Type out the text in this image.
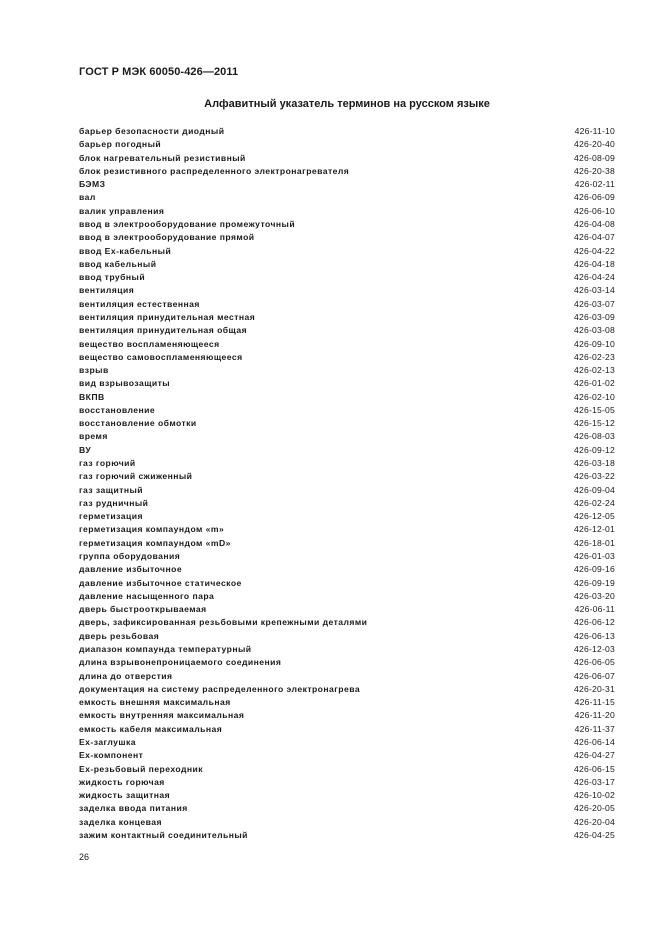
ГОСТ Р МЭК 60050-426—2011
Алфавитный указатель терминов на русском языке
барьер безопасности диодный	426-11-10
барьер погодный	426-20-40
блок нагревательный резистивный	426-08-09
блок резистивного распределенного электронагревателя	426-20-38
БЭМЗ	426-02-11
вал	426-06-09
валик управления	426-06-10
ввод в электрооборудование промежуточный	426-04-08
ввод в электрооборудование прямой	426-04-07
ввод Ex-кабельный	426-04-22
ввод кабельный	426-04-18
ввод трубный	426-04-24
вентиляция	426-03-14
вентиляция естественная	426-03-07
вентиляция принудительная местная	426-03-09
вентиляция принудительная общая	426-03-08
вещество воспламеняющееся	426-09-10
вещество самовоспламеняющееся	426-02-23
взрыв	426-02-13
вид взрывозащиты	426-01-02
ВКПВ	426-02-10
восстановление	426-15-05
восстановление обмотки	426-15-12
время	426-08-03
ВУ	426-09-12
газ горючий	426-03-18
газ горючий сжиженный	426-03-22
газ защитный	426-09-04
газ рудничный	426-02-24
герметизация	426-12-05
герметизация компаундом «m»	426-12-01
герметизация компаундом «mD»	426-18-01
группа оборудования	426-01-03
давление избыточное	426-09-16
давление избыточное статическое	426-09-19
давление насыщенного пара	426-03-20
дверь быстрооткрываемая	426-06-11
дверь, зафиксированная резьбовыми крепежными деталями	426-06-12
дверь резьбовая	426-06-13
диапазон компаунда температурный	426-12-03
длина взрывонепроницаемого соединения	426-06-05
длина до отверстия	426-06-07
документация на систему распределенного электронагрева	426-20-31
емкость внешняя максимальная	426-11-15
емкость внутренняя максимальная	426-11-20
емкость кабеля максимальная	426-11-37
Ex-заглушка	426-06-14
Ex-компонент	426-04-27
Ex-резьбовый переходник	426-06-15
жидкость горючая	426-03-17
жидкость защитная	426-10-02
заделка ввода питания	426-20-05
заделка концевая	426-20-04
зажим контактный соединительный	426-04-25
26
